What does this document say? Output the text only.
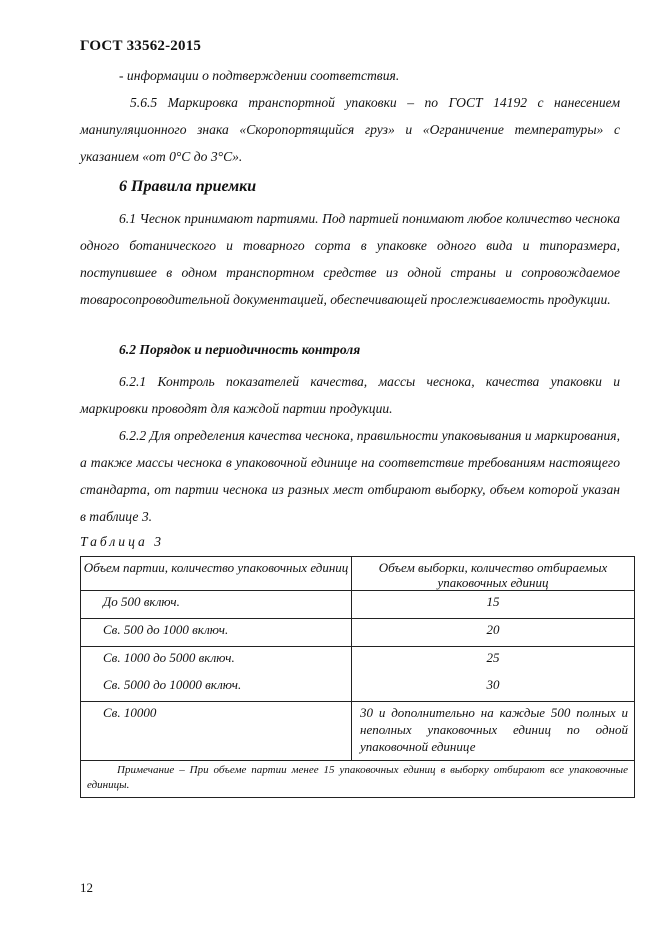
ГОСТ 33562-2015
- информации о подтверждении соответствия.
5.6.5 Маркировка транспортной упаковки – по ГОСТ 14192 с нанесением манипуляционного знака «Скоропортящийся груз» и «Ограничение температуры» с указанием «от 0°С до 3°С».
6 Правила приемки
6.1 Чеснок принимают партиями. Под партией понимают любое количество чеснока одного ботанического и товарного сорта в упаковке одного вида и типоразмера, поступившее в одном транспортном средстве из одной страны и сопровождаемое товаросопроводительной документацией, обеспечивающей прослеживаемость продукции.
6.2 Порядок и периодичность контроля
6.2.1 Контроль показателей качества, массы чеснока, качества упаковки и маркировки проводят для каждой партии продукции.
6.2.2 Для определения качества чеснока, правильности упаковывания и маркирования, а также массы чеснока в упаковочной единице на соответствие требованиям настоящего стандарта, от партии чеснока из разных мест отбирают выборку, объем которой указан в таблице 3.
Таблица 3
Объем партии, количество упаковочных единиц	Объем выборки, количество отбираемых упаковочных единиц
До 500 включ.	15
Св. 500 до 1000 включ.	20
Св. 1000 до 5000 включ.	25
Св. 5000 до 10000 включ.	30
Св. 10000	30 и дополнительно на каждые 500 полных и неполных упаковочных единиц по одной упаковочной единице
Примечание – При объеме партии менее 15 упаковочных единиц в выборку отбирают все упаковочные единицы.	
12
